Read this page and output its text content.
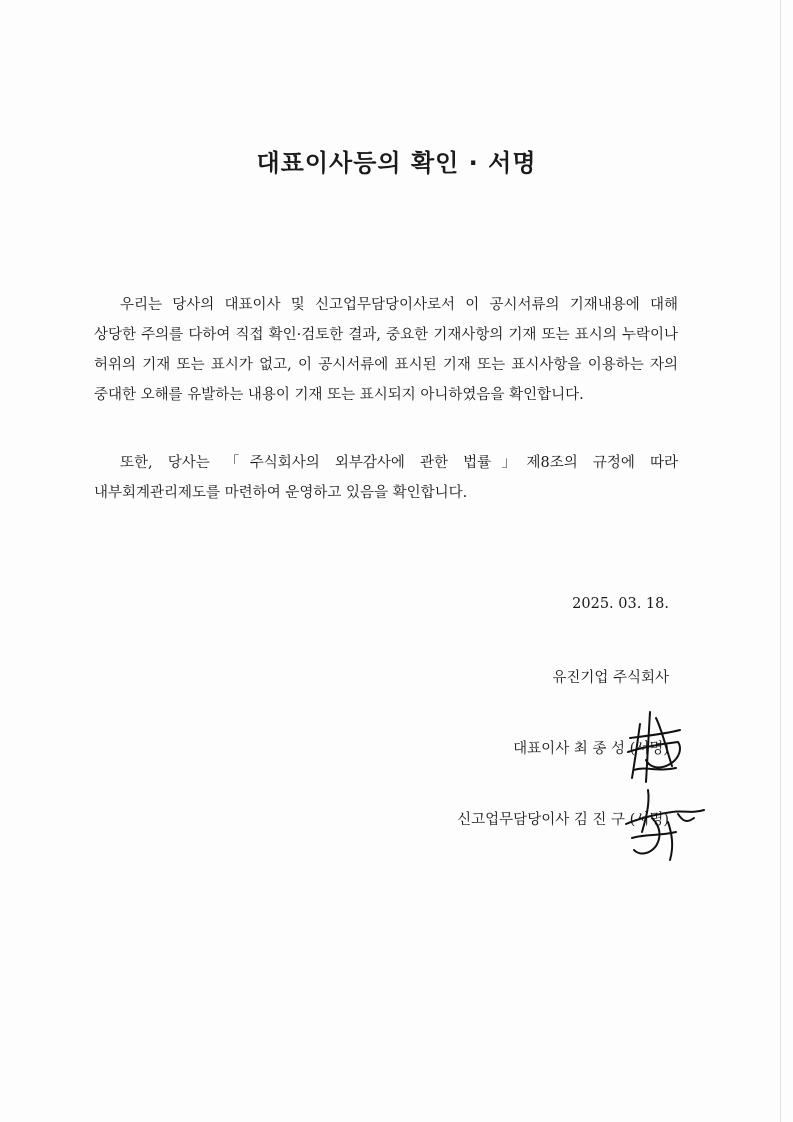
대표이사등의 확인 · 서명
우리는 당사의 대표이사 및 신고업무담당이사로서 이 공시서류의 기재내용에 대해 상당한 주의를 다하여 직접 확인·검토한 결과, 중요한 기재사항의 기재 또는 표시의 누락이나 허위의 기재 또는 표시가 없고, 이 공시서류에 표시된 기재 또는 표시사항을 이용하는 자의 중대한 오해를 유발하는 내용이 기재 또는 표시되지 아니하였음을 확인합니다.
또한, 당사는 「주식회사의 외부감사에 관한 법률」제8조의 규정에 따라 내부회계관리제도를 마련하여 운영하고 있음을 확인합니다.
2025. 03. 18.
유진기업 주식회사
대표이사 최 종 성 (서명)
신고업무담당이사 김 진 구 (서명)
